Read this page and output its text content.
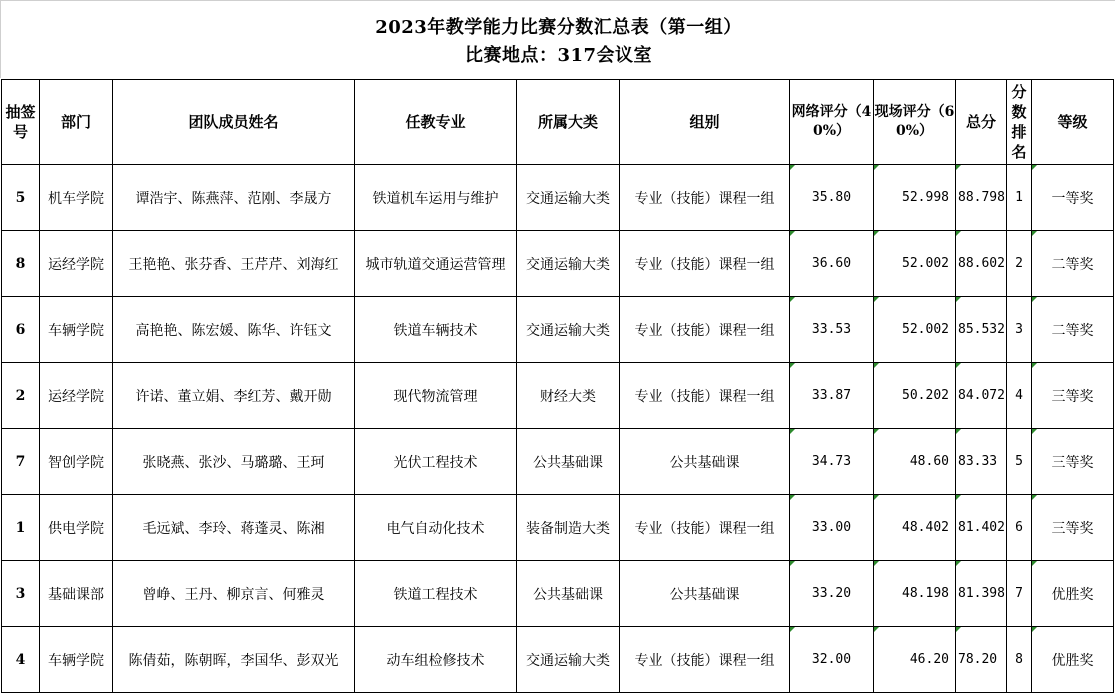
2023年教学能力比赛分数汇总表（第一组）
比赛地点：317会议室
抽签号	部门	团队成员姓名	任教专业	所属大类	组别	网络评分（40%）	现场评分（60%）	总分	分数排名	等级
5	机车学院	谭浩宇、陈燕萍、范刚、李晟方	铁道机车运用与维护	交通运输大类	专业（技能）课程一组	35.80	52.998	88.798	1	一等奖
8	运经学院	王艳艳、张芬香、王芹芹、刘海红	城市轨道交通运营管理	交通运输大类	专业（技能）课程一组	36.60	52.002	88.602	2	二等奖
6	车辆学院	高艳艳、陈宏媛、陈华、许钰文	铁道车辆技术	交通运输大类	专业（技能）课程一组	33.53	52.002	85.532	3	二等奖
2	运经学院	许诺、董立娟、李红芳、戴开勋	现代物流管理	财经大类	专业（技能）课程一组	33.87	50.202	84.072	4	三等奖
7	智创学院	张晓燕、张沙、马璐璐、王珂	光伏工程技术	公共基础课	公共基础课	34.73	48.60	83.33	5	三等奖
1	供电学院	毛远斌、李玲、蒋蓬灵、陈湘	电气自动化技术	装备制造大类	专业（技能）课程一组	33.00	48.402	81.402	6	三等奖
3	基础课部	曾峥、王丹、柳京言、何雅灵	铁道工程技术	公共基础课	公共基础课	33.20	48.198	81.398	7	优胜奖
4	车辆学院	陈倩茹，陈朝晖，李国华、彭双光	动车组检修技术	交通运输大类	专业（技能）课程一组	32.00	46.20	78.20	8	优胜奖
